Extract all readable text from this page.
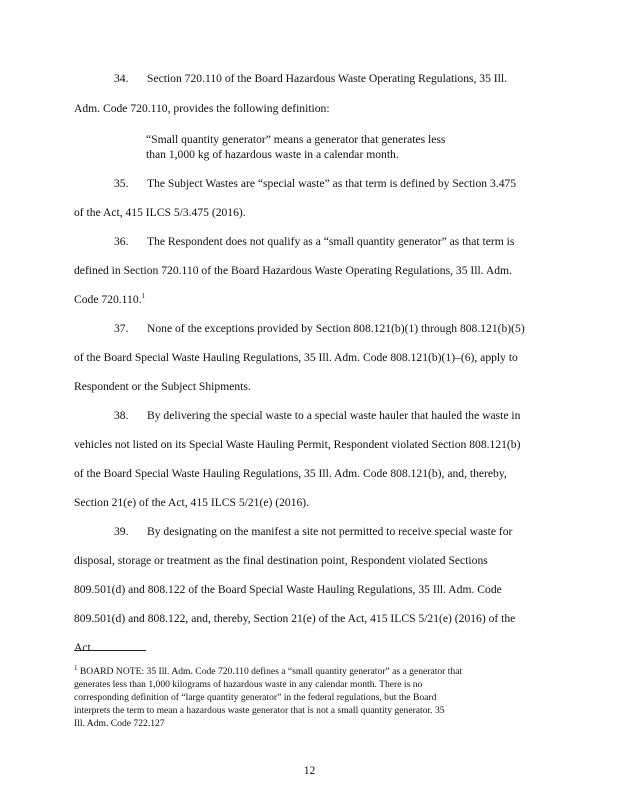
34. Section 720.110 of the Board Hazardous Waste Operating Regulations, 35 Ill.
Adm. Code 720.110, provides the following definition:
“Small quantity generator” means a generator that generates less
than 1,000 kg of hazardous waste in a calendar month.
35. The Subject Wastes are “special waste” as that term is defined by Section 3.475
of the Act, 415 ILCS 5/3.475 (2016).
36. The Respondent does not qualify as a “small quantity generator” as that term is
defined in Section 720.110 of the Board Hazardous Waste Operating Regulations, 35 Ill. Adm.
Code 720.110.$^1$
37. None of the exceptions provided by Section 808.121(b)(1) through 808.121(b)(5)
of the Board Special Waste Hauling Regulations, 35 Ill. Adm. Code 808.121(b)(1)–(6), apply to
Respondent or the Subject Shipments.
38. By delivering the special waste to a special waste hauler that hauled the waste in
vehicles not listed on its Special Waste Hauling Permit, Respondent violated Section 808.121(b)
of the Board Special Waste Hauling Regulations, 35 Ill. Adm. Code 808.121(b), and, thereby,
Section 21(e) of the Act, 415 ILCS 5/21(e) (2016).
39. By designating on the manifest a site not permitted to receive special waste for
disposal, storage or treatment as the final destination point, Respondent violated Sections
809.501(d) and 808.122 of the Board Special Waste Hauling Regulations, 35 Ill. Adm. Code
809.501(d) and 808.122, and, thereby, Section 21(e) of the Act, 415 ILCS 5/21(e) (2016) of the
Act.
$^1$ BOARD NOTE: 35 Ill. Adm. Code 720.110 defines a “small quantity generator” as a generator that
generates less than 1,000 kilograms of hazardous waste in any calendar month. There is no
corresponding definition of “large quantity generator” in the federal regulations, but the Board
interprets the term to mean a hazardous waste generator that is not a small quantity generator. 35
Ill. Adm. Code 722.127
12
